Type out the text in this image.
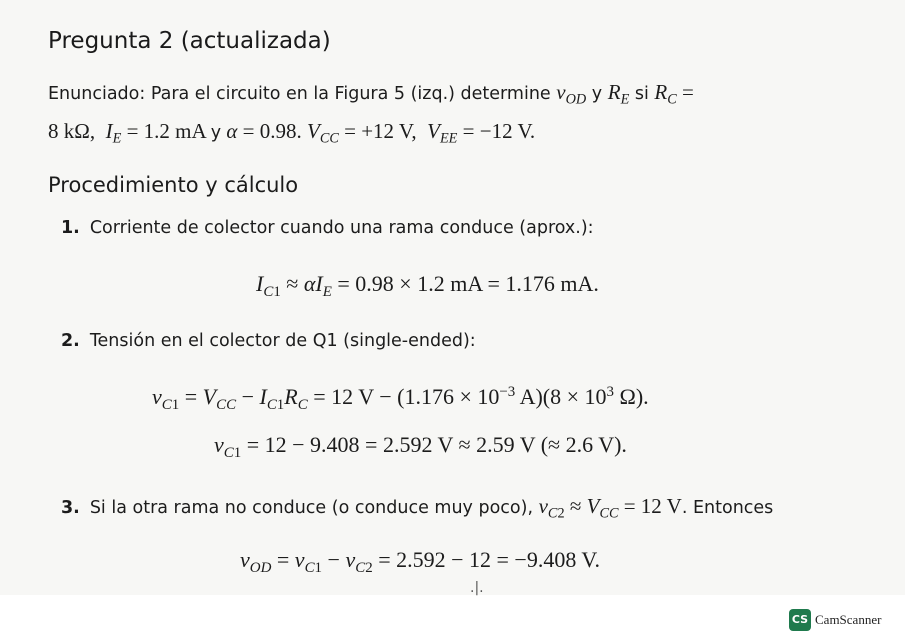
Pregunta 2 (actualizada)
Enunciado: Para el circuito en la Figura 5 (izq.) determine $v_{OD}$ y $R_E$ si $R_C$ =
8 kΩ, $I_E = 1.2$ mA y α = 0.98. $V_{CC} = +12$ V, $V_{EE} = -12$ V.
Procedimiento y cálculo
1. Corriente de colector cuando una rama conduce (aprox.):
$I_{C1} \approx \alpha I_E = 0.98 \times 1.2$ mA = 1.176 mA.
2. Tensión en el colector de Q1 (single-ended):
$v_{C1} = V_{CC} - I_{C1}R_C = 12$ $V - (1.176 \times 10^{-3}$ $A)(8 \times 10^3$ Ω).
$v_{C1} = 12 - 9.408 = 2.592$ V ≈ 2.59 V (≈ 2.6 V).
3. Si la otra rama no conduce (o conduce muy poco), $v_{C2} \approx V_{CC} = 12$ V. Entonces
$v_{OD} = v_{C1} - v_{C2} = 2.592 - 12 = -9.408$ V.
.|.
CS CamScanner
